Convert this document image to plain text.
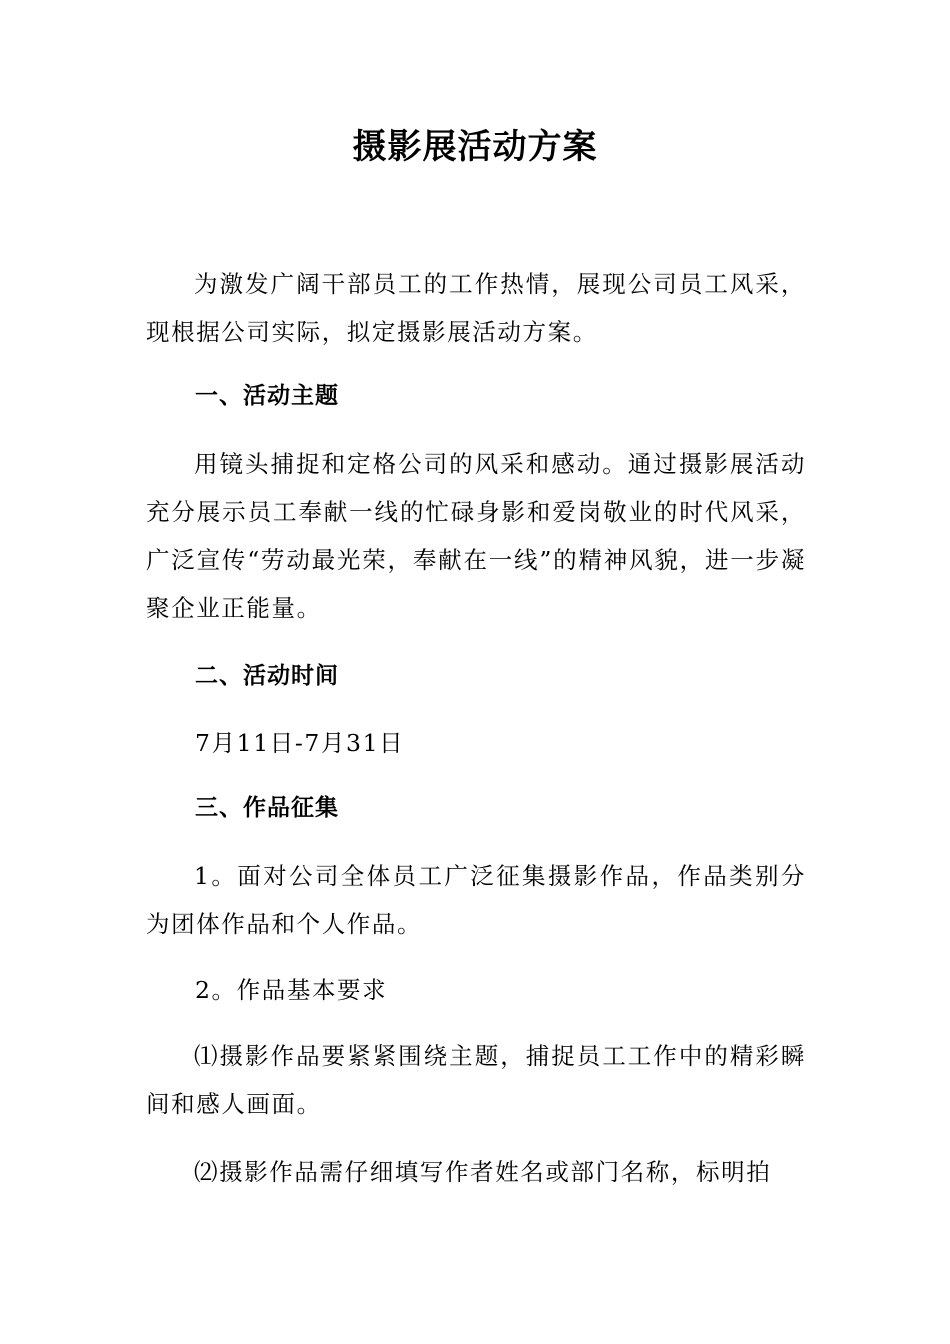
摄影展活动方案

为激发广阔干部员工的工作热情，展现公司员工风采，现根据公司实际，拟定摄影展活动方案。

一、活动主题

用镜头捕捉和定格公司的风采和感动。通过摄影展活动充分展示员工奉献一线的忙碌身影和爱岗敬业的时代风采，广泛宣传“劳动最光荣，奉献在一线”的精神风貌，进一步凝聚企业正能量。

二、活动时间

7月11日-7月31日

三、作品征集

1。面对公司全体员工广泛征集摄影作品，作品类别分为团体作品和个人作品。

2。作品基本要求

⑴摄影作品要紧紧围绕主题，捕捉员工工作中的精彩瞬间和感人画面。

⑵摄影作品需仔细填写作者姓名或部门名称，标明拍
